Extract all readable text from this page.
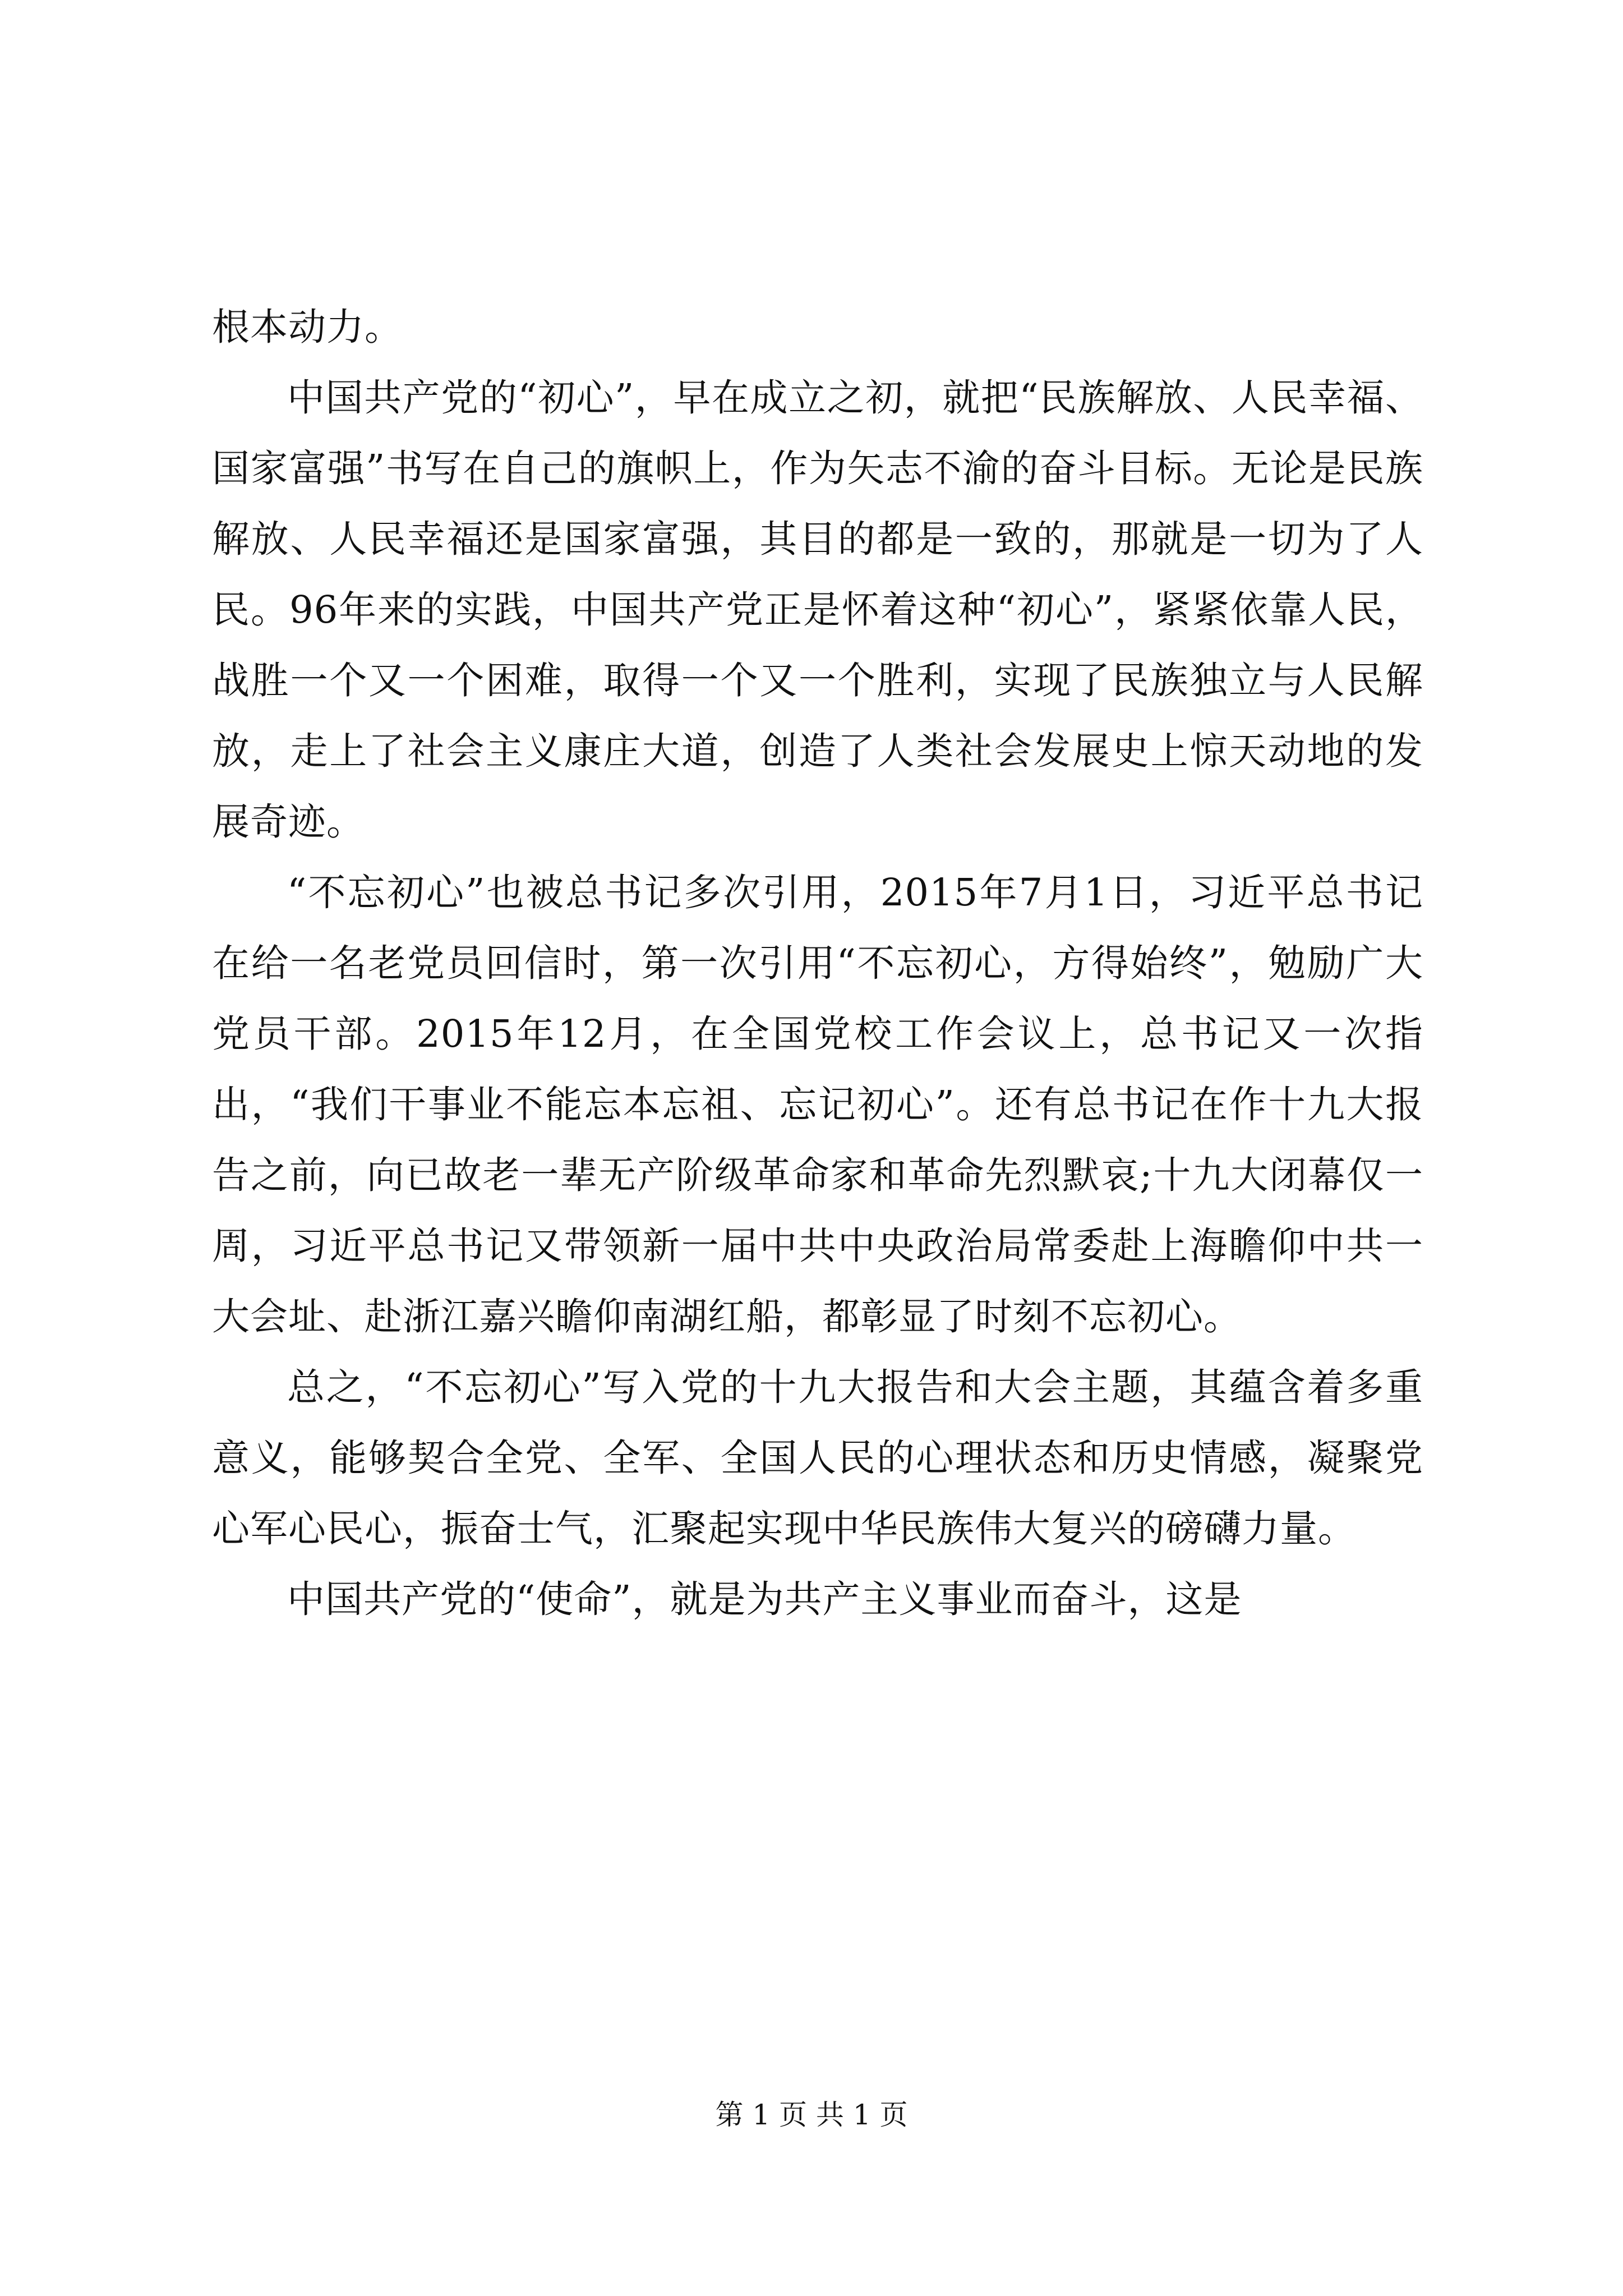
根本动力。

中国共产党的“初心”，早在成立之初，就把“民族解放、人民幸福、国家富强”书写在自己的旗帜上，作为矢志不渝的奋斗目标。无论是民族解放、人民幸福还是国家富强，其目的都是一致的，那就是一切为了人民。96年来的实践，中国共产党正是怀着这种“初心”，紧紧依靠人民，战胜一个又一个困难，取得一个又一个胜利，实现了民族独立与人民解放，走上了社会主义康庄大道，创造了人类社会发展史上惊天动地的发展奇迹。

“不忘初心”也被总书记多次引用，2015年7月1日，习近平总书记在给一名老党员回信时，第一次引用“不忘初心，方得始终”，勉励广大党员干部。2015年12月，在全国党校工作会议上，总书记又一次指出，“我们干事业不能忘本忘祖、忘记初心”。还有总书记在作十九大报告之前，向已故老一辈无产阶级革命家和革命先烈默哀;十九大闭幕仅一周，习近平总书记又带领新一届中共中央政治局常委赴上海瞻仰中共一大会址、赴浙江嘉兴瞻仰南湖红船，都彰显了时刻不忘初心。

总之，“不忘初心”写入党的十九大报告和大会主题，其蕴含着多重意义，能够契合全党、全军、全国人民的心理状态和历史情感，凝聚党心军心民心，振奋士气，汇聚起实现中华民族伟大复兴的磅礴力量。

中国共产党的“使命”，就是为共产主义事业而奋斗，这是

第 1 页 共 1 页
